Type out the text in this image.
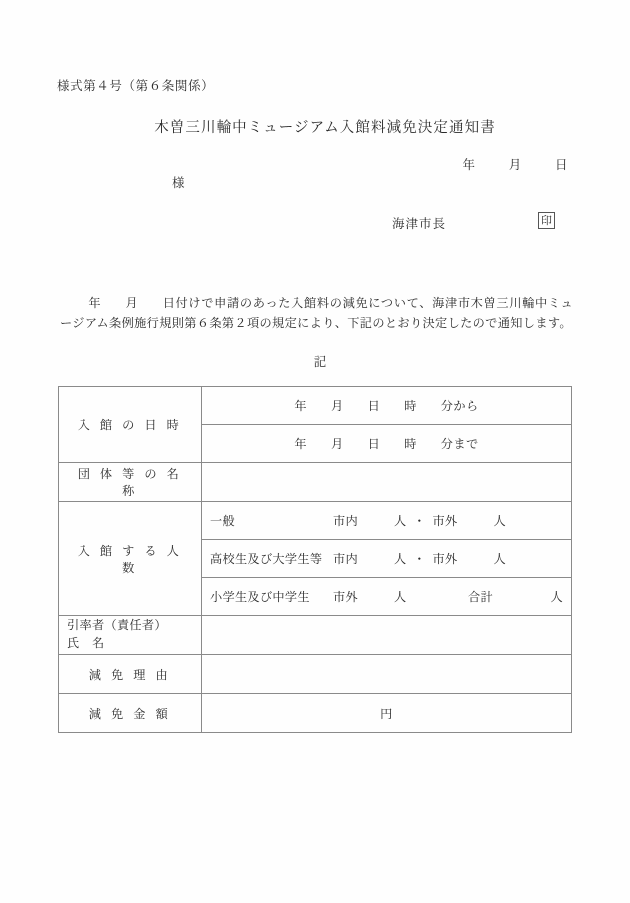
様式第４号（第６条関係）
木曽三川輪中ミュージアム入館料減免決定通知書
年	月	日
様
海津市長	印
年 月 日付けで申請のあった入館料の減免について、海津市木曽三川輪中ミュージアム条例施行規則第６条第２項の規定により、下記のとおり決定したので通知します。
記
入 館 の 日 時	年 月 日 時 分から
	年 月 日 時 分まで
団 体 等 の 名 称	
入 館 す る 人 数	
一般	市内	人 ・ 市外	人

高校生及び大学生等 市内	人 ・ 市外	人

	小学生及び中学生 市外 人 合計 人

引率者（責任者）
氏　名	

減 免 理 由	
減 免 金 額	円
